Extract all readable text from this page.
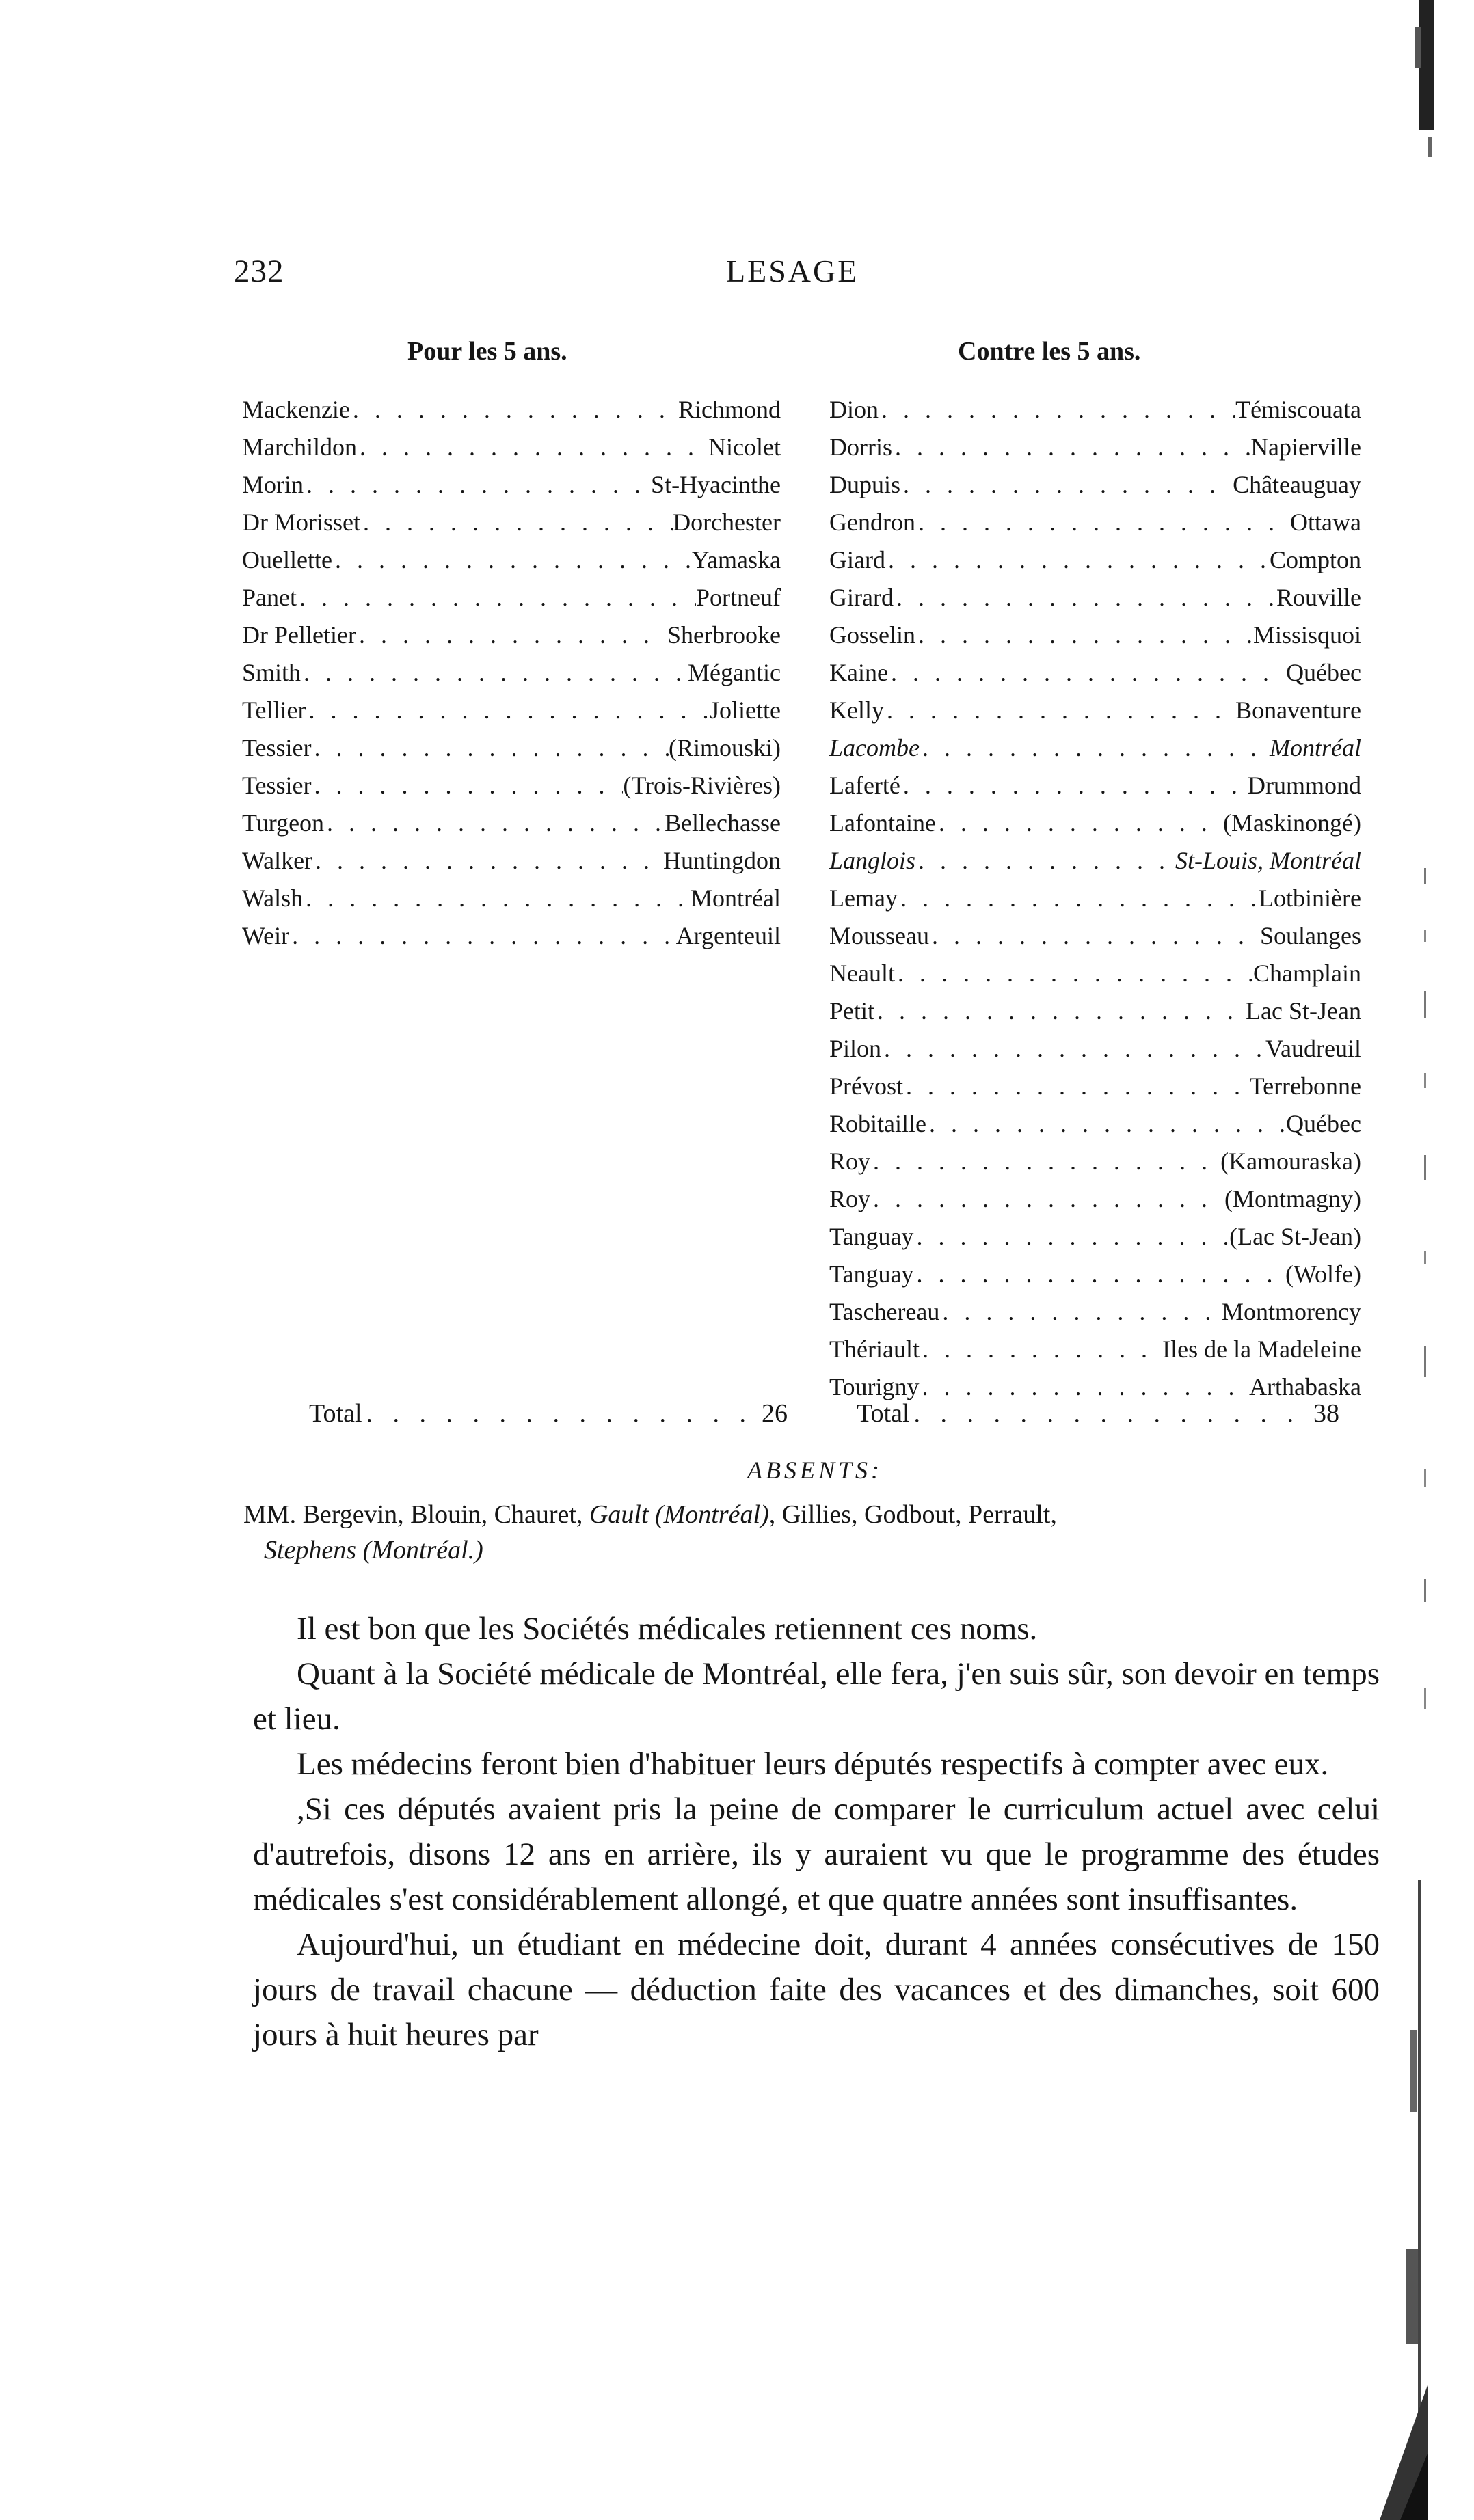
232	LESAGE
Pour les 5 ans.	Contre les 5 ans.
Mackenzie . . .	Richmond
Marchildon . . .	Nicolet
Morin . . .	St-Hyacinthe
Dr Morisset . . .	Dorchester
Ouellette . . .	Yamaska
Panet . . .	Portneuf
Dr Pelletier . . .	Sherbrooke
Smith . . .	Mégantic
Tellier . . .	Joliette
Tessier . . .	(Rimouski)
Tessier . . .	(Trois-Rivières)
Turgeon . . .	Bellechasse
Walker . . .	Huntingdon
Walsh . . .	Montréal
Weir . . .	Argenteuil
Dion . . .	Témiscouata
Dorris . . .	Napierville
Dupuis . . .	Châteauguay
Gendron . . .	Ottawa
Giard . . .	Compton
Girard . . .	Rouville
Gosselin . . .	Missisquoi
Kaine . . .	Québec
Kelly . . .	Bonaventure
Lacombe . . .	Montréal
Laferté . . .	Drummond
Lafontaine . . .	(Maskinongé)
Langlois . . .	St-Louis, Montréal
Lemay . . .	Lotbinière
Mousseau . . .	Soulanges
Neault . . .	Champlain
Petit . . .	Lac St-Jean
Pilon . . .	Vaudreuil
Prévost . . .	Terrebonne
Robitaille . . .	Québec
Roy . . .	(Kamouraska)
Roy . . .	(Montmagny)
Tanguay . . .	(Lac St-Jean)
Tanguay . . .	(Wolfe)
Taschereau . . .	Montmorency
Thériault . . .	Iles de la Madeleine
Tourigny . . .	Arthabaska
Total . . .	26	Total . . .	38
ABSENTS:
MM. Bergevin, Blouin, Chauret, Gault (Montréal), Gillies, Godbout, Perrault,
Stephens (Montréal.)

Il est bon que les Sociétés médicales retiennent ces noms.

Quant à la Société médicale de Montréal, elle fera, j'en suis sûr, son devoir en temps et lieu.

Les médecins feront bien d'habituer leurs députés respectifs à compter avec eux.

,Si ces députés avaient pris la peine de comparer le curriculum actuel avec celui d'autrefois, disons 12 ans en arrière, ils y auraient vu que le programme des études médicales s'est considérablement allongé, et que quatre années sont insuffisantes.

Aujourd'hui, un étudiant en médecine doit, durant 4 années consécutives de 150 jours de travail chacune — déduction faite des vacances et des dimanches, soit 600 jours à huit heures par
